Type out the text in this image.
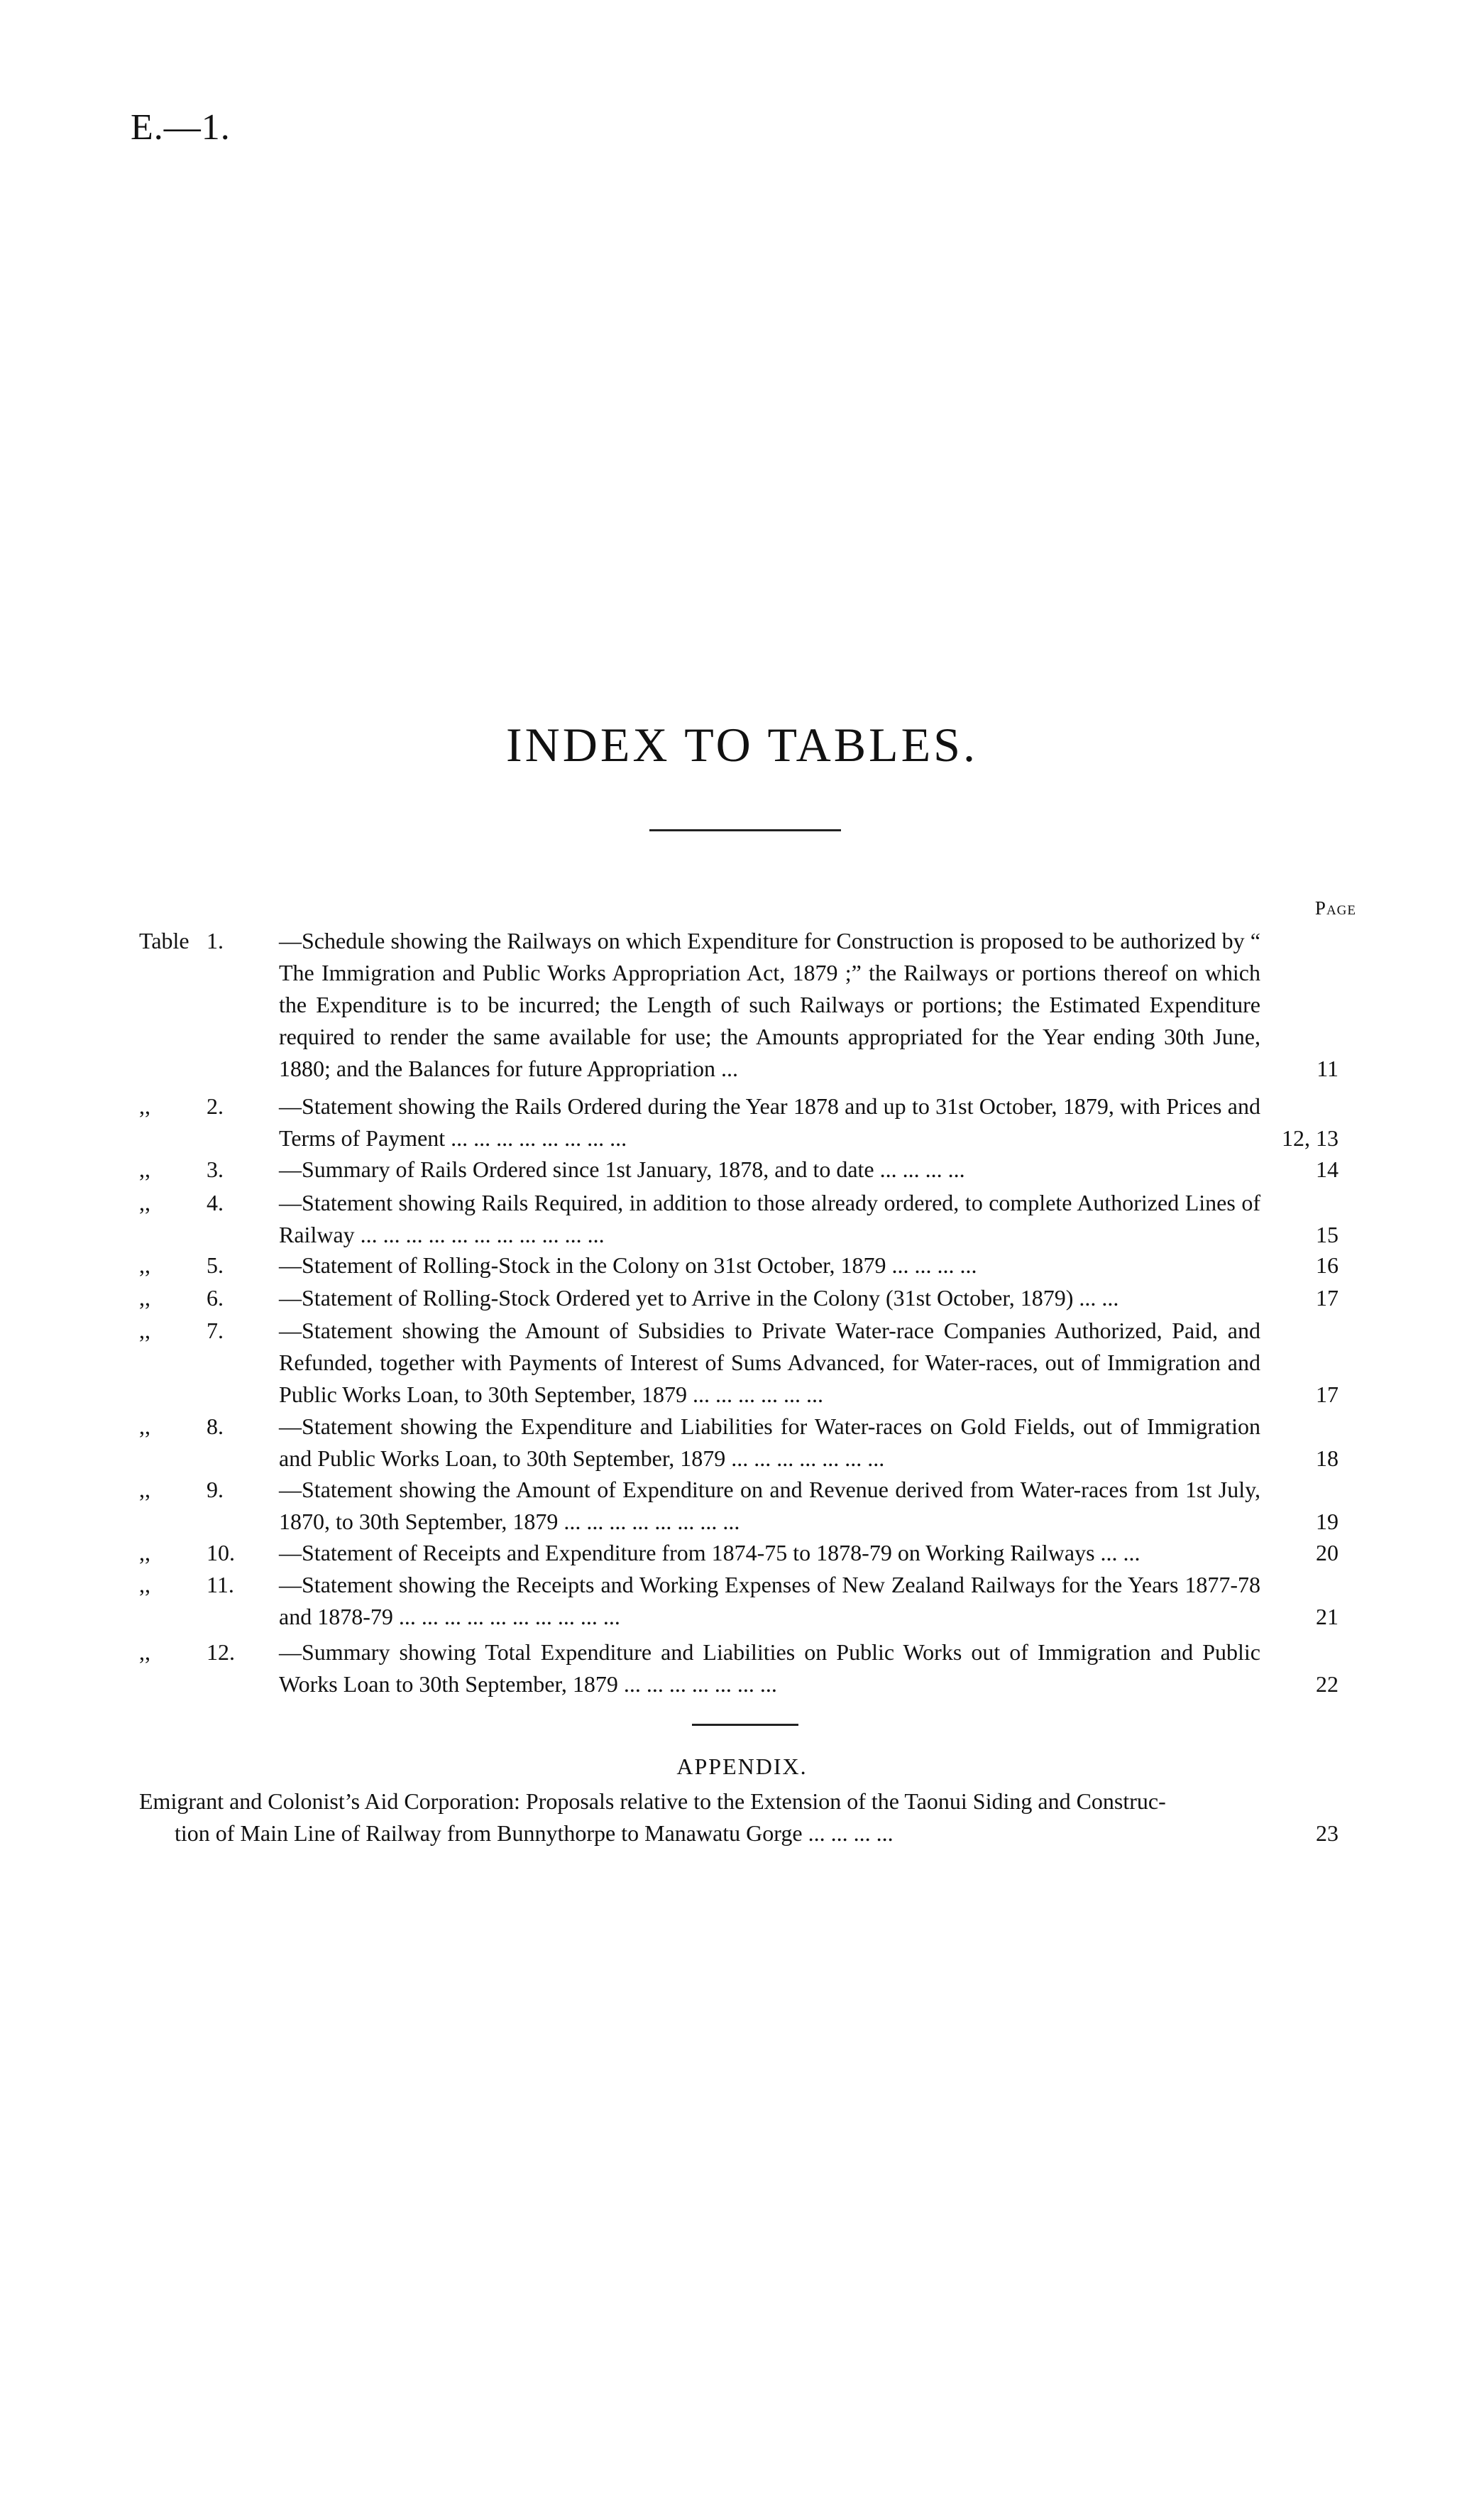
E.—1.
INDEX TO TABLES.
Page
Table 1. —Schedule showing the Railways on which Expenditure for Construction is proposed to be authorized by “ The Immigration and Public Works Appropriation Act, 1879 ;” the Railways or portions thereof on which the Expenditure is to be incurred; the Length of such Railways or portions; the Estimated Expenditure required to render the same available for use; the Amounts appropriated for the Year ending 30th June, 1880; and the Balances for future Appropriation ...	11
,, 2. —Statement showing the Rails Ordered during the Year 1878 and up to 31st October, 1879, with Prices and Terms of Payment ... ... ... ... ... ... ... ...	12, 13
,, 3. —Summary of Rails Ordered since 1st January, 1878, and to date ... ... ... ...	14
,, 4. —Statement showing Rails Required, in addition to those already ordered, to complete Authorized Lines of Railway ... ... ... ... ... ... ... ... ... ... ...	15
,, 5. —Statement of Rolling-Stock in the Colony on 31st October, 1879 ... ... ... ...	16
,, 6. —Statement of Rolling-Stock Ordered yet to Arrive in the Colony (31st October, 1879) ... ...	17
,, 7. —Statement showing the Amount of Subsidies to Private Water-race Companies Authorized, Paid, and Refunded, together with Payments of Interest of Sums Advanced, for Water-races, out of Immigration and Public Works Loan, to 30th September, 1879 ... ... ... ... ... ...	17
,, 8. —Statement showing the Expenditure and Liabilities for Water-races on Gold Fields, out of Immigration and Public Works Loan, to 30th September, 1879 ... ... ... ... ... ... ...	18
,, 9. —Statement showing the Amount of Expenditure on and Revenue derived from Water-races from 1st July, 1870, to 30th September, 1879 ... ... ... ... ... ... ... ...	19
,, 10. —Statement of Receipts and Expenditure from 1874-75 to 1878-79 on Working Railways ... ...	20
,, 11. —Statement showing the Receipts and Working Expenses of New Zealand Railways for the Years 1877-78 and 1878-79 ... ... ... ... ... ... ... ... ... ...	21
,, 12. —Summary showing Total Expenditure and Liabilities on Public Works out of Immigration and Public Works Loan to 30th September, 1879 ... ... ... ... ... ... ...	22
APPENDIX.
Emigrant and Colonist’s Aid Corporation: Proposals relative to the Extension of the Taonui Siding and Construc-
tion of Main Line of Railway from Bunnythorpe to Manawatu Gorge ... ... ... ...	23
